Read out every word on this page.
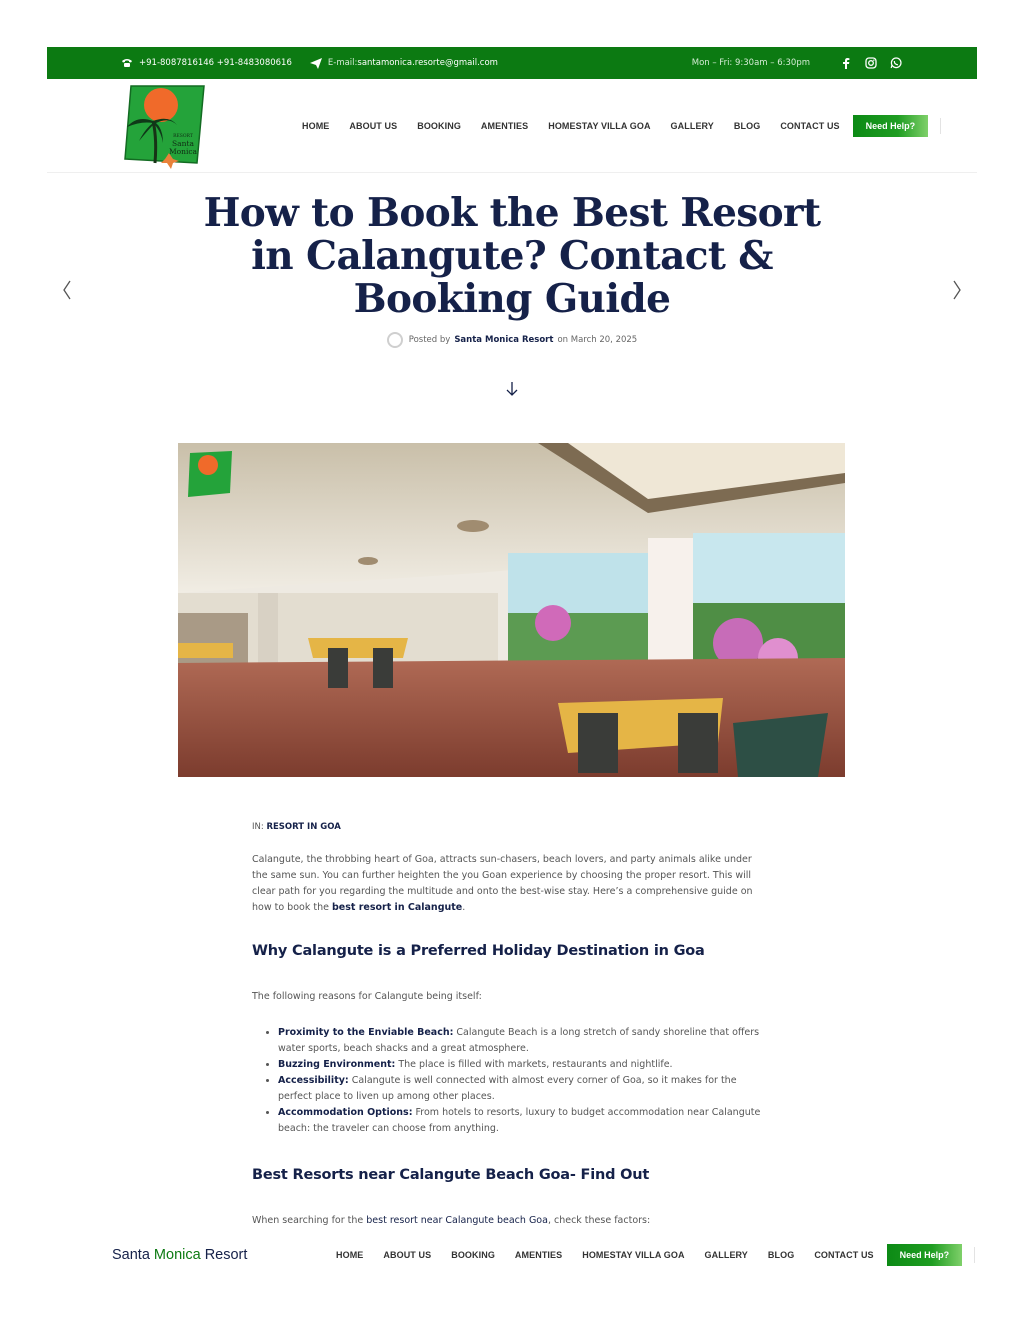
+91-8087816146 +91-8483080616	E-mail: santamonica.resorte@gmail.com	Mon – Fri: 9:30am – 6:30pm
RESORT
Santa
Monica
HOME ABOUT US BOOKING AMENTIES HOMESTAY VILLA GOA GALLERY BLOG CONTACT US	Need Help?
How to Book the Best Resort in Calangute? Contact & Booking Guide
Posted by Santa Monica Resort on
March 20, 2025
IN: RESORT IN GOA

Calangute, the throbbing heart of Goa, attracts sun-chasers, beach lovers, and party animals alike under the same sun. You can further heighten the you Goan experience by choosing the proper resort. This will clear path for you regarding the multitude and onto the best-wise stay. Here’s a comprehensive guide on how to book the best resort in Calangute.

Why Calangute is a Preferred Holiday Destination in Goa

The following reasons for Calangute being itself:

• Proximity to the Enviable Beach: Calangute Beach is a long stretch of sandy shoreline that offers water sports, beach shacks and a great atmosphere.
• Buzzing Environment: The place is filled with markets, restaurants and nightlife.
• Accessibility: Calangute is well connected with almost every corner of Goa, so it makes for the perfect place to liven up among other places.
• Accommodation Options: From hotels to resorts, luxury to budget accommodation near Calangute beach: the traveler can choose from anything.
Best Resorts near Calangute Beach Goa- Find Out

When searching for the best resort near Calangute beach Goa, check these factors:

Santa Monica Resort	HOME ABOUT US BOOKING AMENTIES HOMESTAY VILLA GOA GALLERY BLOG CONTACT US	Need Help?
